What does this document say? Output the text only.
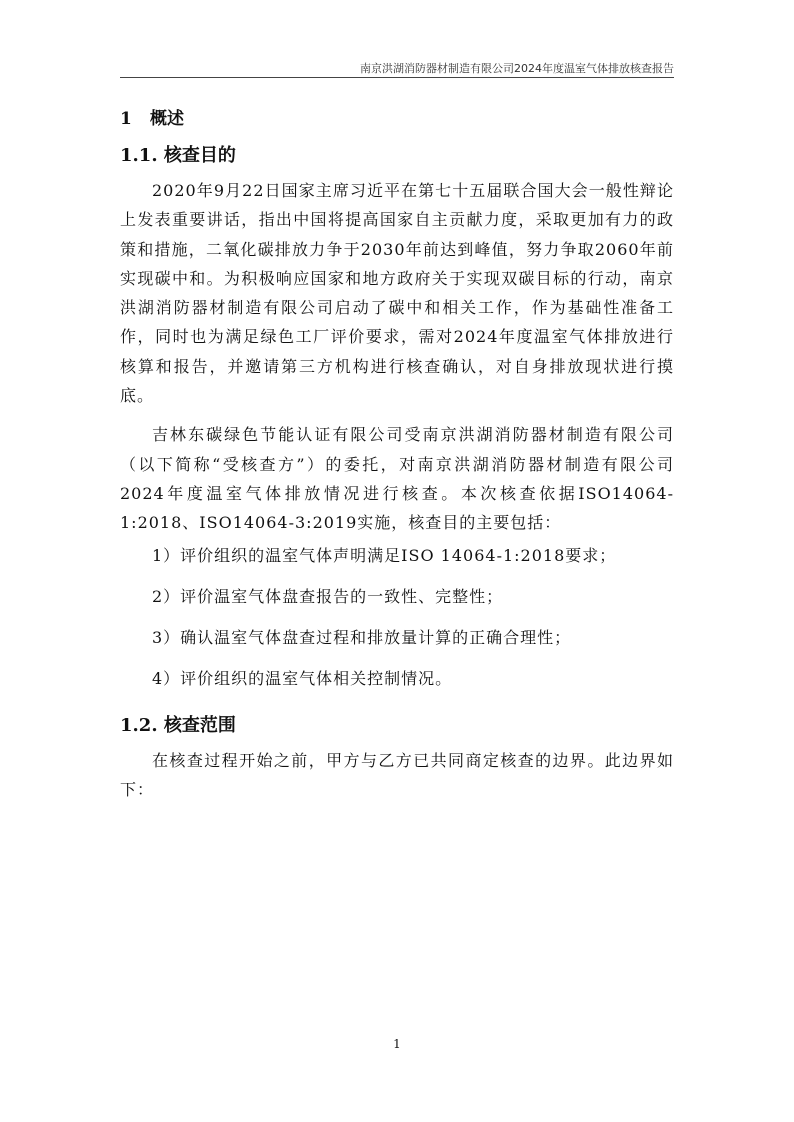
南京洪湖消防器材制造有限公司2024年度温室气体排放核查报告
1 概述
1.1. 核查目的

2020年9月22日国家主席习近平在第七十五届联合国大会一般性辩论上发表重要讲话，指出中国将提高国家自主贡献力度，采取更加有力的政策和措施，二氧化碳排放力争于2030年前达到峰值，努力争取2060年前实现碳中和。为积极响应国家和地方政府关于实现双碳目标的行动，南京洪湖消防器材制造有限公司启动了碳中和相关工作，作为基础性准备工作，同时也为满足绿色工厂评价要求，需对2024年度温室气体排放进行核算和报告，并邀请第三方机构进行核查确认，对自身排放现状进行摸底。

吉林东碳绿色节能认证有限公司受南京洪湖消防器材制造有限公司（以下简称“受核查方”）的委托，对南京洪湖消防器材制造有限公司2024年度温室气体排放情况进行核查。本次核查依据ISO14064-1:2018、ISO14064-3:2019实施，核查目的主要包括：

1）评价组织的温室气体声明满足ISO 14064-1:2018要求；
2）评价温室气体盘查报告的一致性、完整性；
3）确认温室气体盘查过程和排放量计算的正确合理性；
4）评价组织的温室气体相关控制情况。
1.2. 核查范围

在核查过程开始之前，甲方与乙方已共同商定核查的边界。此边界如下：

1
